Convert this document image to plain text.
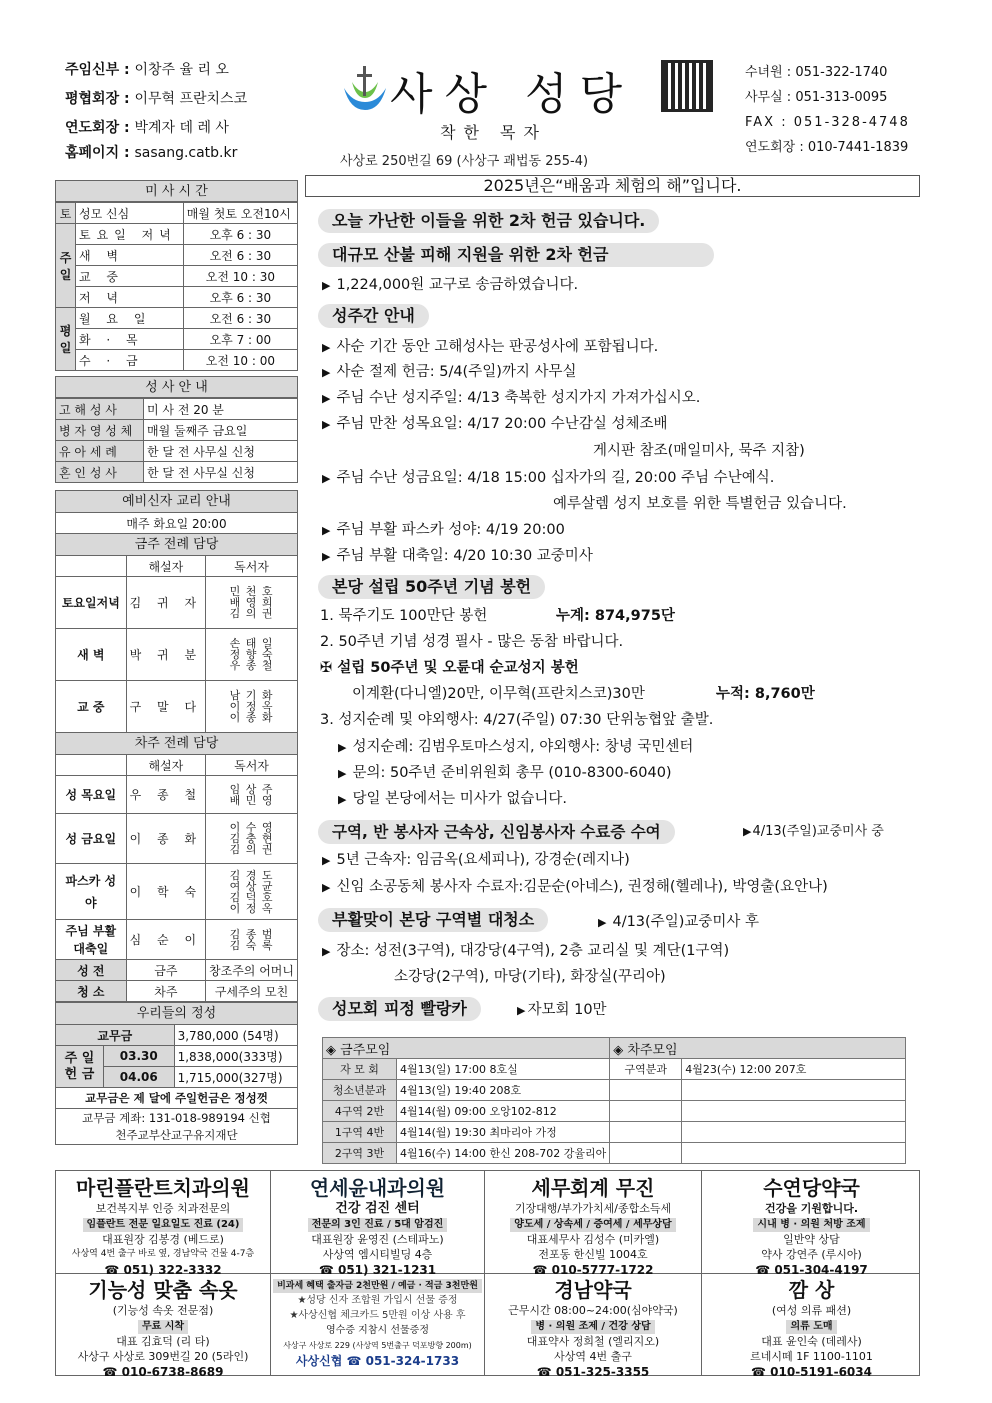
주임신부 : 이창주 율 리 오
평협회장 : 이무혁 프란치스코
연도회장 : 박계자 데 레 사
홈페이지 : sasang.catb.kr
사상 성당
착한 목자
사상로 250번길 69 (사상구 괘법동 255-4)
수녀원 : 051-322-1740
사무실 : 051-313-0095
FAX : 051-328-4748
연도회장 : 010-7441-1839
미 사 시 간
토	성모 신심	매월 첫토 오전10시
주일	토요일 저녁	오후 6 : 30
	새 벽	오전 6 : 30
	교 중	오전 10 : 30
	저 녁	오후 6 : 30
평일	월 요 일	오전 6 : 30
	화 · 목	오후 7 : 00
	수 · 금	오전 10 : 00
성 사 안 내
고 해 성 사	미 사 전 20 분
병 자 영 성 체	매월 둘째주 금요일
유 아 세 례	한 달 전 사무실 신청
혼 인 성 사	한 달 전 사무실 신청
예비신자 교리 안내		
매주 화요일 20:00		
금주 전례 담당		
	해설자	독서자
토요일저녁	김 귀 자	민 천 호
배 영 희
김 의 권

새 벽	박 귀 분	손 태 일
정 향 숙
우 종 철

교 중	구 말 다	남 기 화
이 정 옥
이 종 화

차주 전례 담당		
	해설자	독서자
성 목요일	우 종 철	임 상 주
배 민 영

성 금요일	이 종 화	이 수 영
김 충 현
김 의 권

파스카 성 야	이 학 숙	김 경 도
여 상 균
김 덕 호
이 정 옥

주님 부활 대축일	심 순 이	김 종 범
김 숙 록

성 전	금주	창조주의 어머니
청 소	차주	구세주의 모친
우리들의 정성		
교무금		3,780,000 (54명)
주 일 헌 금	03.30	1,838,000(333명)
	04.06	1,715,000(327명)
교무금은 제 달에 주일헌금은 정성껏		
교무금 계좌: 131-018-989194 신협		
천주교부산교구유지재단		
2025년은“배움과 체험의 해”입니다.
오늘 가난한 이들을 위한 2차 헌금 있습니다.
대규모 산불 피해 지원을 위한 2차 헌금
▶ 1,224,000원 교구로 송금하였습니다.
성주간 안내
▶ 사순 기간 동안 고해성사는 판공성사에 포함됩니다.
▶ 사순 절제 헌금: 5/4(주일)까지 사무실
▶ 주님 수난 성지주일: 4/13 축복한 성지가지 가져가십시오.
▶ 주님 만찬 성목요일: 4/17 20:00 수난감실 성체조배
게시판 참조(매일미사, 묵주 지참)
▶ 주님 수난 성금요일: 4/18 15:00 십자가의 길, 20:00 주님 수난예식.
예루살렘 성지 보호를 위한 특별헌금 있습니다.
▶ 주님 부활 파스카 성야: 4/19 20:00
▶ 주님 부활 대축일: 4/20 10:30 교중미사
본당 설립 50주년 기념 봉헌
1. 묵주기도 100만단 봉헌	누계: 874,975단
2. 50주년 기념 성경 필사 - 많은 동참 바랍니다.
✠ 설립 50주년 및 오륜대 순교성지 봉헌
이계환(다니엘)20만, 이무혁(프란치스코)30만	누적: 8,760만
3. 성지순례 및 야외행사: 4/27(주일) 07:30 단위농협앞 출발.
▶ 성지순례: 김범우토마스성지, 야외행사: 창녕 국민센터
▶ 문의: 50주년 준비위원회 총무 (010-8300-6040)
▶ 당일 본당에서는 미사가 없습니다.
구역, 반 봉사자 근속상, 신임봉사자 수료증 수여	▶4/13(주일)교중미사 중
▶ 5년 근속자: 임금옥(요세피나), 강경순(레지나)
▶ 신임 소공동체 봉사자 수료자:김문순(아네스), 권정해(헬레나), 박영출(요안나)
부활맞이 본당 구역별 대청소	▶ 4/13(주일)교중미사 후
▶ 장소: 성전(3구역), 대강당(4구역), 2층 교리실 및 계단(1구역)
소강당(2구역), 마당(기타), 화장실(꾸리아)
성모회 피정 빨랑카	▶ 자모회 10만
◈ 금주모임		◈ 차주모임	
자 모 회	4월13(일) 17:00 8호실	구역분과	4월23(수) 12:00 207호
청소년분과	4월13(일) 19:40 208호		
4구역 2반	4월14(월) 09:00 오앙102-812		
1구역 4반	4월14(월) 19:30 최마리아 가정		
2구역 3반	4월16(수) 14:00 한신 208-702 강율리아		
마린플란트치과의원
보건복지부 인증 치과전문의
임플란트 전문 일요일도 진료 (24)
대표원장 김봉경 (베드로)
사상역 4번 출구 바로 옆, 경남약국 건물 4-7층
☎ 051) 322-3332
연세윤내과의원
건강 검진 센터
전문의 3인 진료 / 5대 암검진
대표원장 윤영진 (스테파노)
사상역 엠시티빌딩 4층
☎ 051) 321-1231
세무회계 무진
기장대행/부가가치세/종합소득세
양도세 / 상속세 / 증여세 / 세무상담
대표세무사 김성수 (미카엘)
전포동 한신빌 1004호
☎ 010-5777-1722
수연당약국
건강을 기원합니다.
시내 병 · 의원 처방 조제
일반약 상담
약사 강연주 (루시아)
☎ 051-304-4197
기능성 맞춤 속옷
(기능성 속옷 전문점)
무료 시착
대표 김효덕 (리 타)
사상구 사상로 309번길 20 (5라인)
☎ 010-6738-8689
비과세 혜택 출자금 2천만원 / 예금 · 적금 3천만원
★성당 신자 조합원 가입시 선물 증정
★사상신협 체크카드 5만원 이상 사용 후
영수증 지참시 선물증정
사상구 사상로 229 (사상역 5번출구 덕포방향 200m)
사상신협 ☎ 051-324-1733
경남약국
근무시간 08:00~24:00(심야약국)
병 · 의원 조제 / 건강 상담
대표약사 정희철 (엘리지오)
사상역 4번 출구
☎ 051-325-3355
깜 상
(여성 의류 패션)
의류 도매
대표 윤인숙 (데레사)
르네시떼 1F 1100-1101
☎ 010-5191-6034
